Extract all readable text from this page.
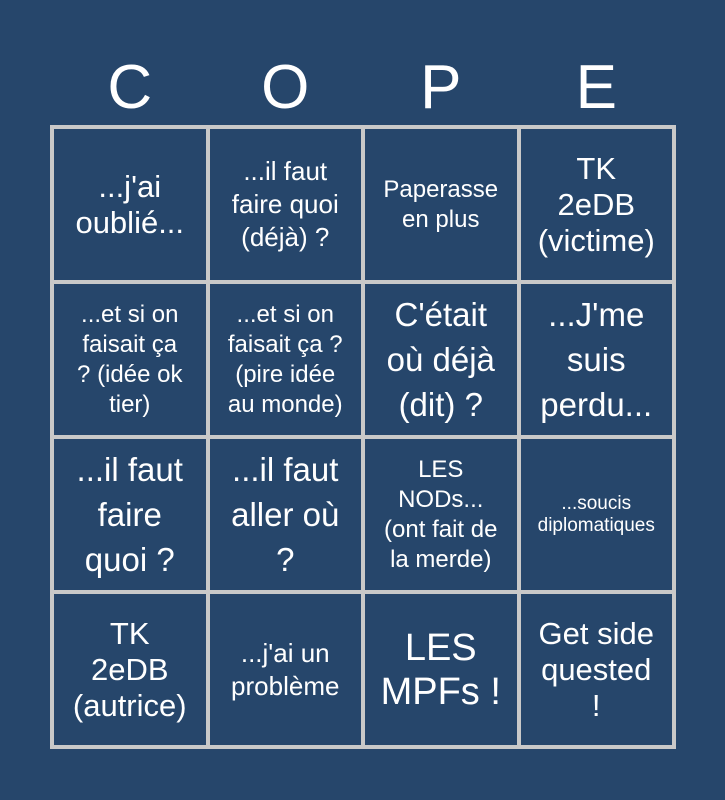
C	O	P	E
...j'ai
oublié...
...il faut
faire quoi
(déjà) ?
Paperasse
en plus
TK
2eDB
(victime)
...et si on
faisait ça
? (idée ok
tier)
...et si on
faisait ça ?
(pire idée
au monde)
C'était
où déjà
(dit) ?
...J'me
suis
perdu...
...il faut
faire
quoi ?
...il faut
aller où
?
LES
NODs...
(ont fait de
la merde)
...soucis
diplomatiques
TK
2eDB
(autrice)
...j'ai un
problème
LES
MPFs !
Get side
quested
!
